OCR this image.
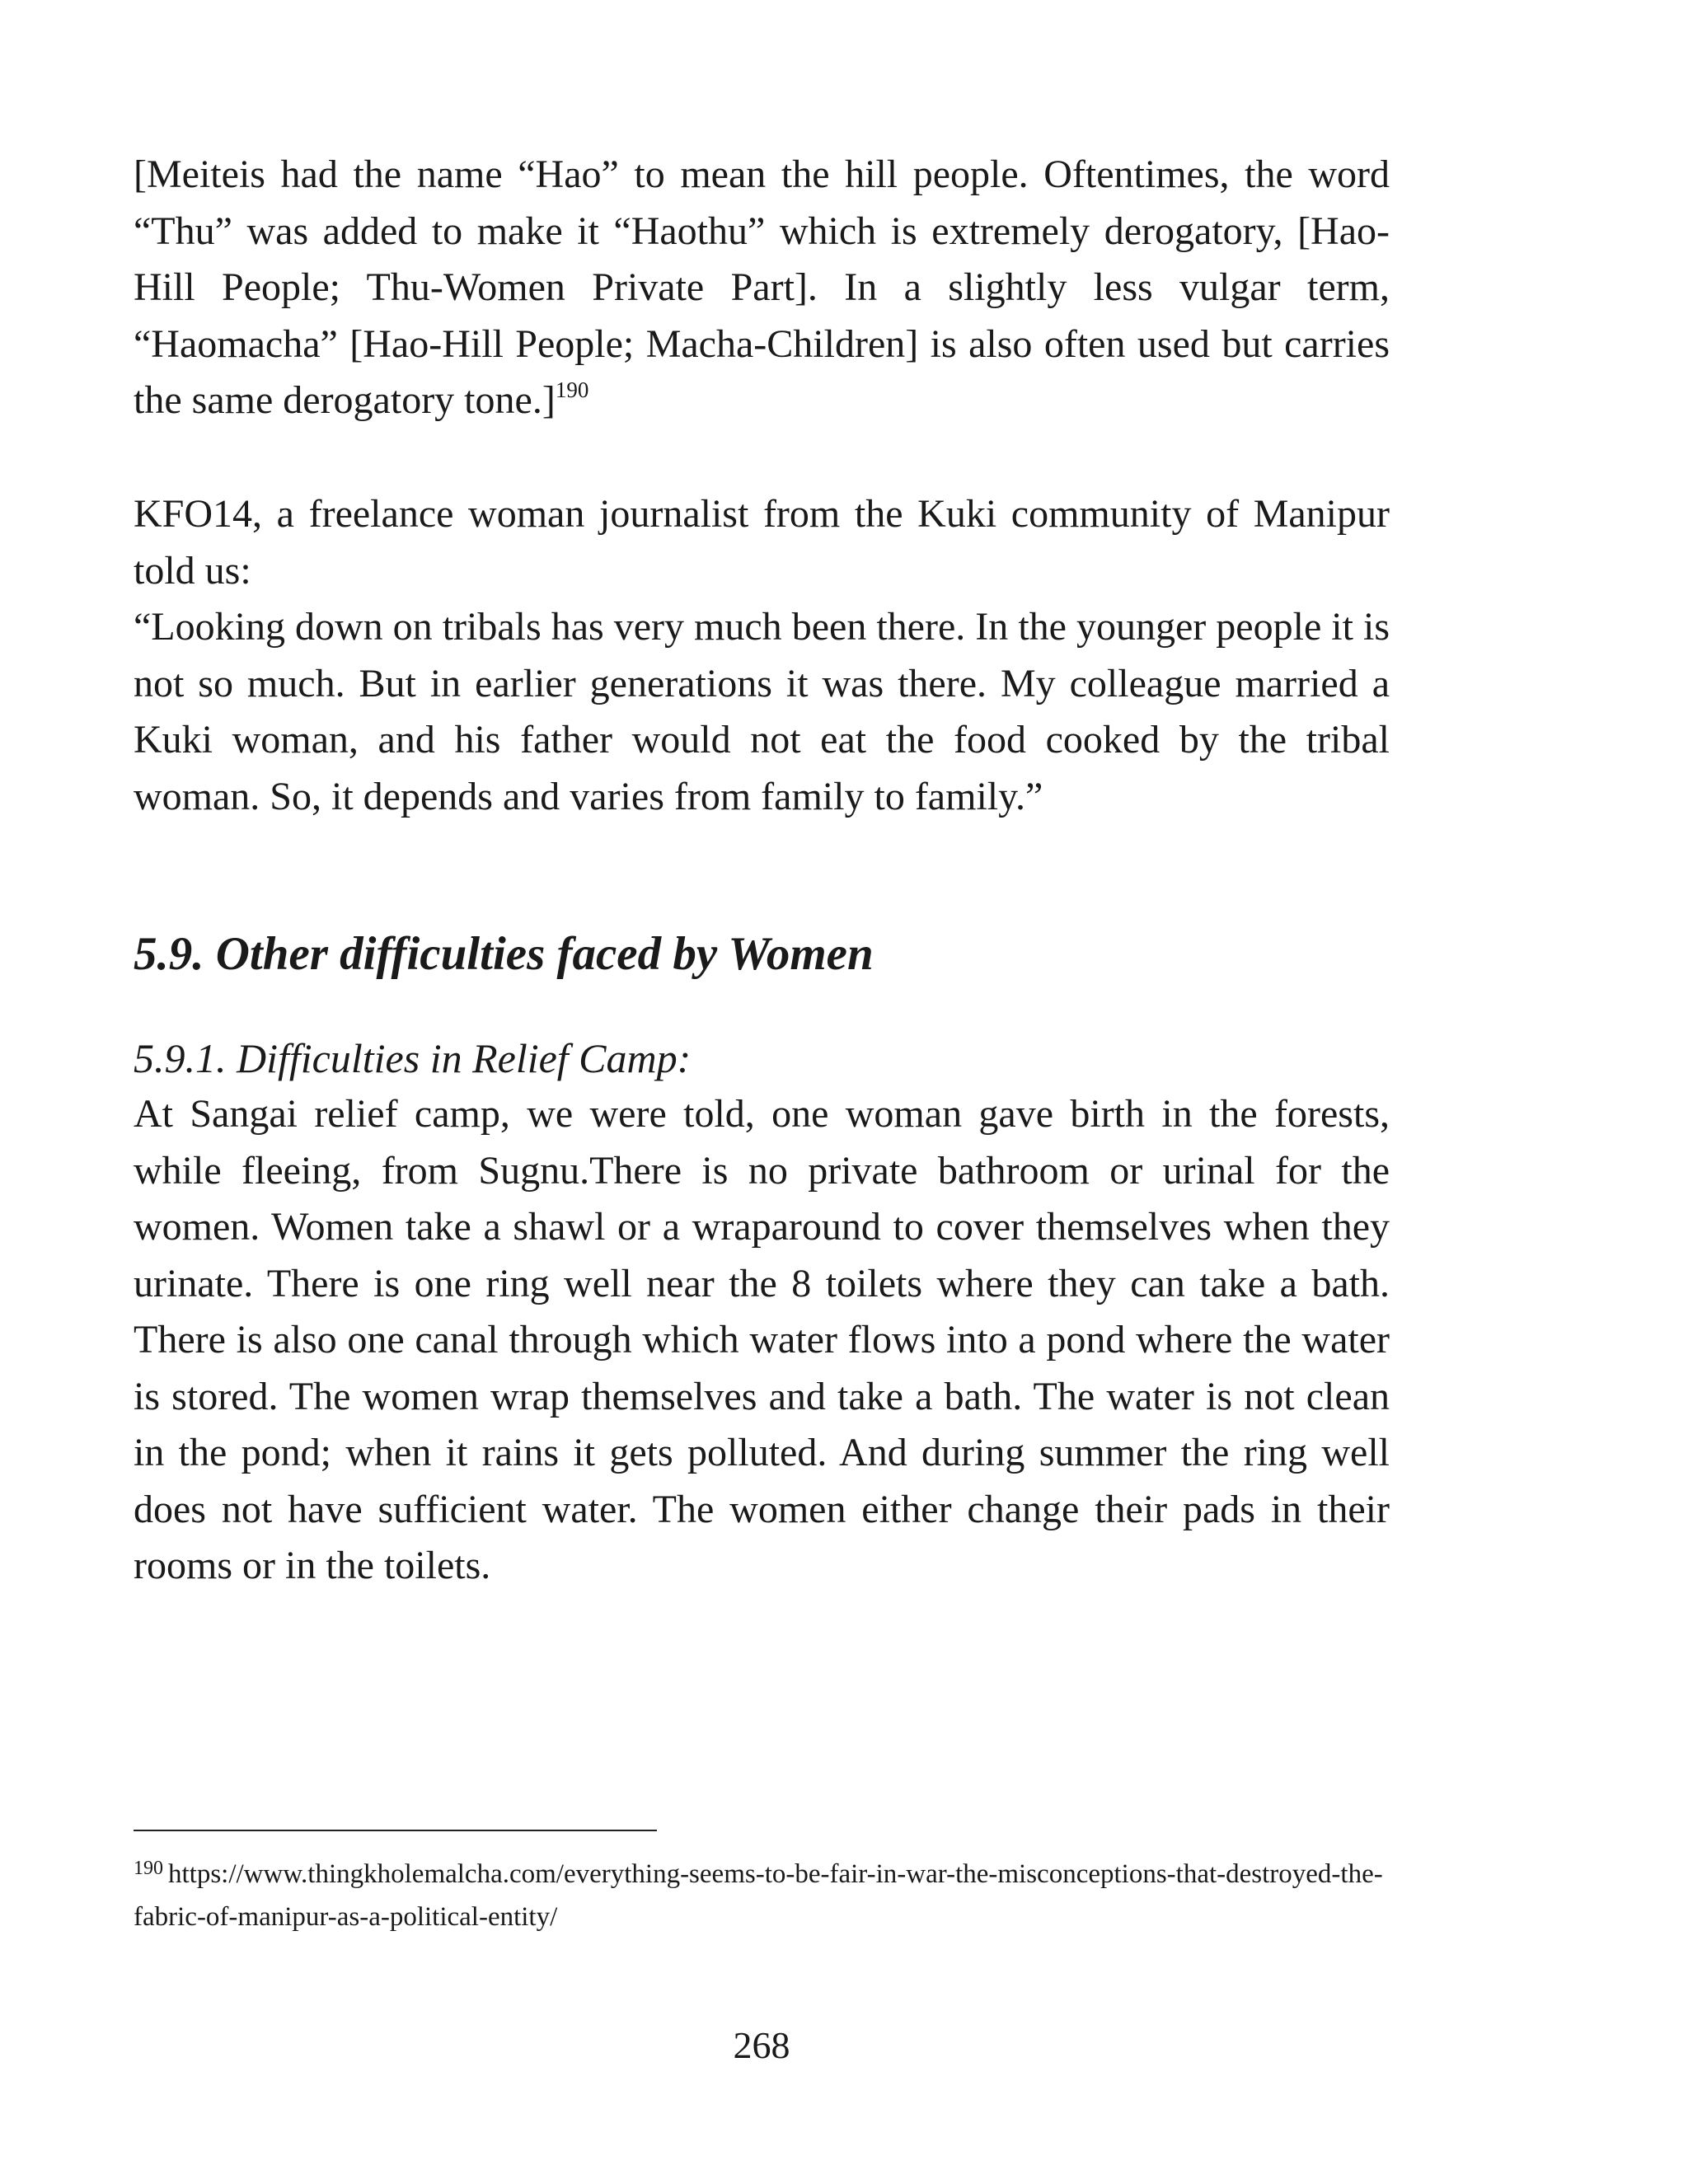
[Meiteis had the name “Hao” to mean the hill people. Oftentimes, the word “Thu” was added to make it “Haothu” which is extremely derogatory, [Hao-Hill People; Thu-Women Private Part]. In a slightly less vulgar term, “Haomacha” [Hao-Hill People; Macha-Children] is also often used but carries the same derogatory tone.]$^{190}$

KFO14, a freelance woman journalist from the Kuki community of Manipur told us:

“Looking down on tribals has very much been there. In the younger people it is not so much. But in earlier generations it was there. My colleague married a Kuki woman, and his father would not eat the food cooked by the tribal woman. So, it depends and varies from family to family.”

5.9. Other difficulties faced by Women
5.9.1. Difficulties in Relief Camp:

At Sangai relief camp, we were told, one woman gave birth in the forests, while fleeing, from Sugnu.There is no private bathroom or urinal for the women. Women take a shawl or a wraparound to cover themselves when they urinate. There is one ring well near the 8 toilets where they can take a bath. There is also one canal through which water flows into a pond where the water is stored. The women wrap themselves and take a bath. The water is not clean in the pond; when it rains it gets polluted. And during summer the ring well does not have sufficient water. The women either change their pads in their rooms or in the toilets.

$^{190}$ https://www.thingkholemalcha.com/everything-seems-to-be-fair-in-war-the-misconceptions-that-destroyed-the-fabric-of-manipur-as-a-political-entity/

268
